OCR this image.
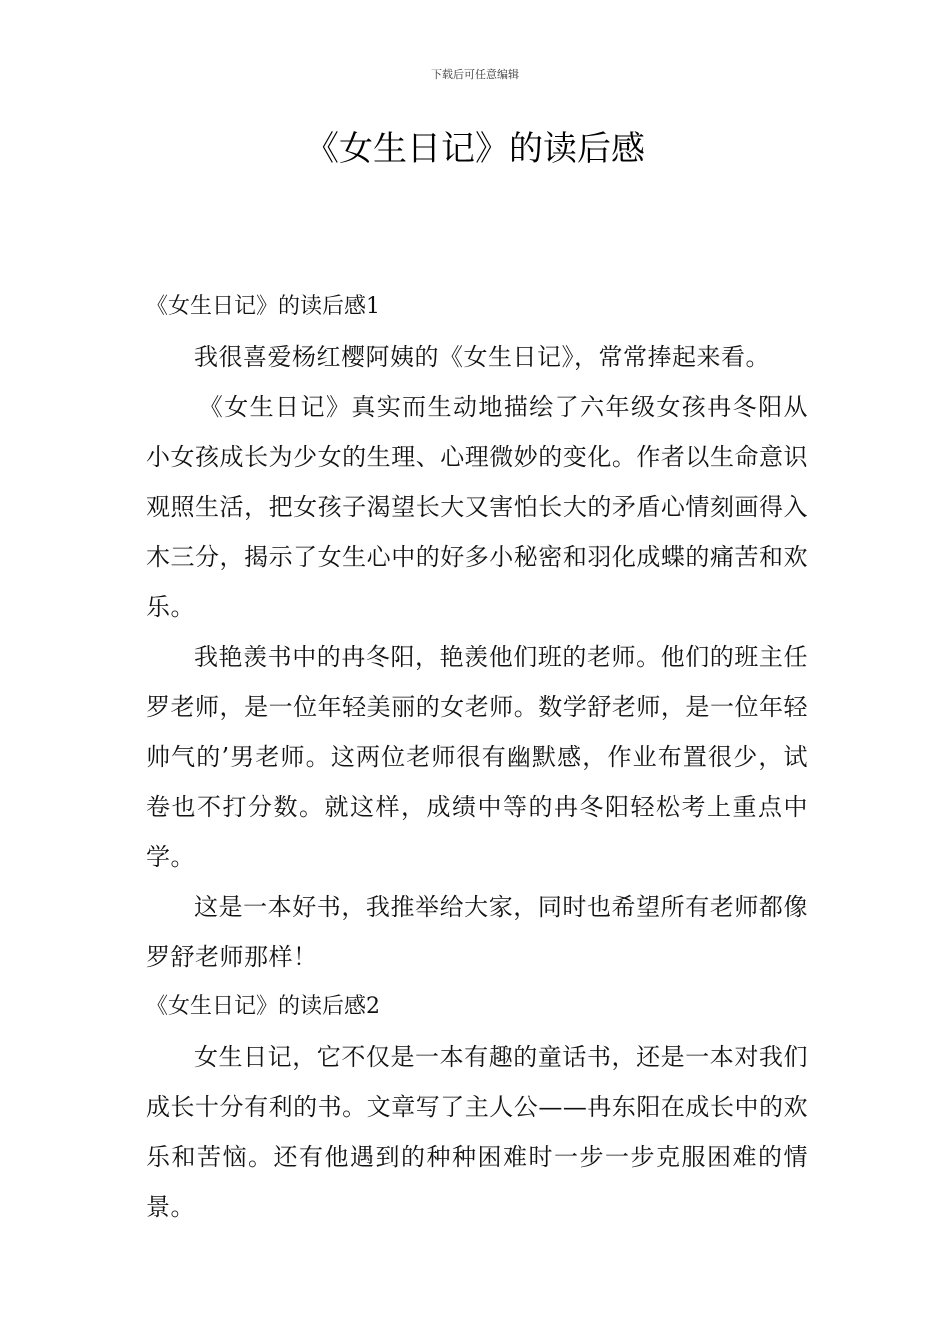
下载后可任意编辑
《女生日记》的读后感
《女生日记》的读后感1

我很喜爱杨红樱阿姨的《女生日记》，常常捧起来看。

《女生日记》真实而生动地描绘了六年级女孩冉冬阳从小女孩成长为少女的生理、心理微妙的变化。作者以生命意识观照生活，把女孩子渴望长大又害怕长大的矛盾心情刻画得入木三分，揭示了女生心中的好多小秘密和羽化成蝶的痛苦和欢乐。

我艳羡书中的冉冬阳，艳羡他们班的老师。他们的班主任罗老师，是一位年轻美丽的女老师。数学舒老师，是一位年轻帅气的’男老师。这两位老师很有幽默感，作业布置很少，试卷也不打分数。就这样，成绩中等的冉冬阳轻松考上重点中学。

这是一本好书，我推举给大家，同时也希望所有老师都像罗舒老师那样！

《女生日记》的读后感2

女生日记，它不仅是一本有趣的童话书，还是一本对我们成长十分有利的书。文章写了主人公——冉东阳在成长中的欢乐和苦恼。还有他遇到的种种困难时一步一步克服困难的情景。
